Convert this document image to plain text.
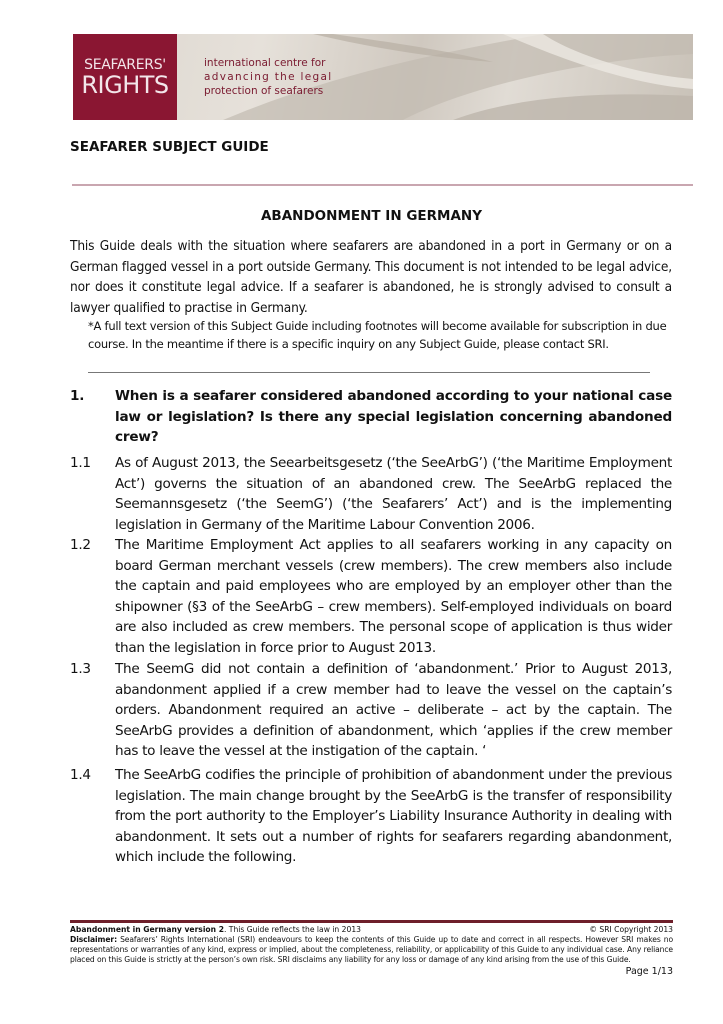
SEAFARERS'
RIGHTS
international centre for
advancing the legal
protection of seafarers
SEAFARER SUBJECT GUIDE
ABANDONMENT IN GERMANY

This Guide deals with the situation where seafarers are abandoned in a port in Germany or on a German flagged vessel in a port outside Germany. This document is not intended to be legal advice, nor does it constitute legal advice. If a seafarer is abandoned, he is strongly advised to consult a lawyer qualified to practise in Germany.

*A full text version of this Subject Guide including footnotes will become available for subscription in due course. In the meantime if there is a specific inquiry on any Subject Guide, please contact SRI.

1.	When is a seafarer considered abandoned according to your national case law or legislation? Is there any special legislation concerning abandoned crew?
1.1	As of August 2013, the Seearbeitsgesetz (‘the SeeArbG’) (‘the Maritime Employment Act’) governs the situation of an abandoned crew. The SeeArbG replaced the Seemannsgesetz (‘the SeemG’) (‘the Seafarers’ Act’) and is the implementing legislation in Germany of the Maritime Labour Convention 2006.
1.2	The Maritime Employment Act applies to all seafarers working in any capacity on board German merchant vessels (crew members). The crew members also include the captain and paid employees who are employed by an employer other than the shipowner (§3 of the SeeArbG – crew members). Self-employed individuals on board are also included as crew members. The personal scope of application is thus wider than the legislation in force prior to August 2013.
1.3	The SeemG did not contain a definition of ‘abandonment.’ Prior to August 2013, abandonment applied if a crew member had to leave the vessel on the captain’s orders. Abandonment required an active – deliberate – act by the captain. The SeeArbG provides a definition of abandonment, which ‘applies if the crew member has to leave the vessel at the instigation of the captain. ‘
1.4	The SeeArbG codifies the principle of prohibition of abandonment under the previous legislation. The main change brought by the SeeArbG is the transfer of responsibility from the port authority to the Employer’s Liability Insurance Authority in dealing with abandonment. It sets out a number of rights for seafarers regarding abandonment, which include the following.
Abandonment in Germany version 2. This Guide reflects the law in 2013	© SRI Copyright 2013
Disclaimer: Seafarers’ Rights International (SRI) endeavours to keep the contents of this Guide up to date and correct in all respects. However SRI makes no representations or warranties of any kind, express or implied, about the completeness, reliability, or applicability of this Guide to any individual case. Any reliance placed on this Guide is strictly at the person’s own risk. SRI disclaims any liability for any loss or damage of any kind arising from the use of this Guide.
Page 1/13
